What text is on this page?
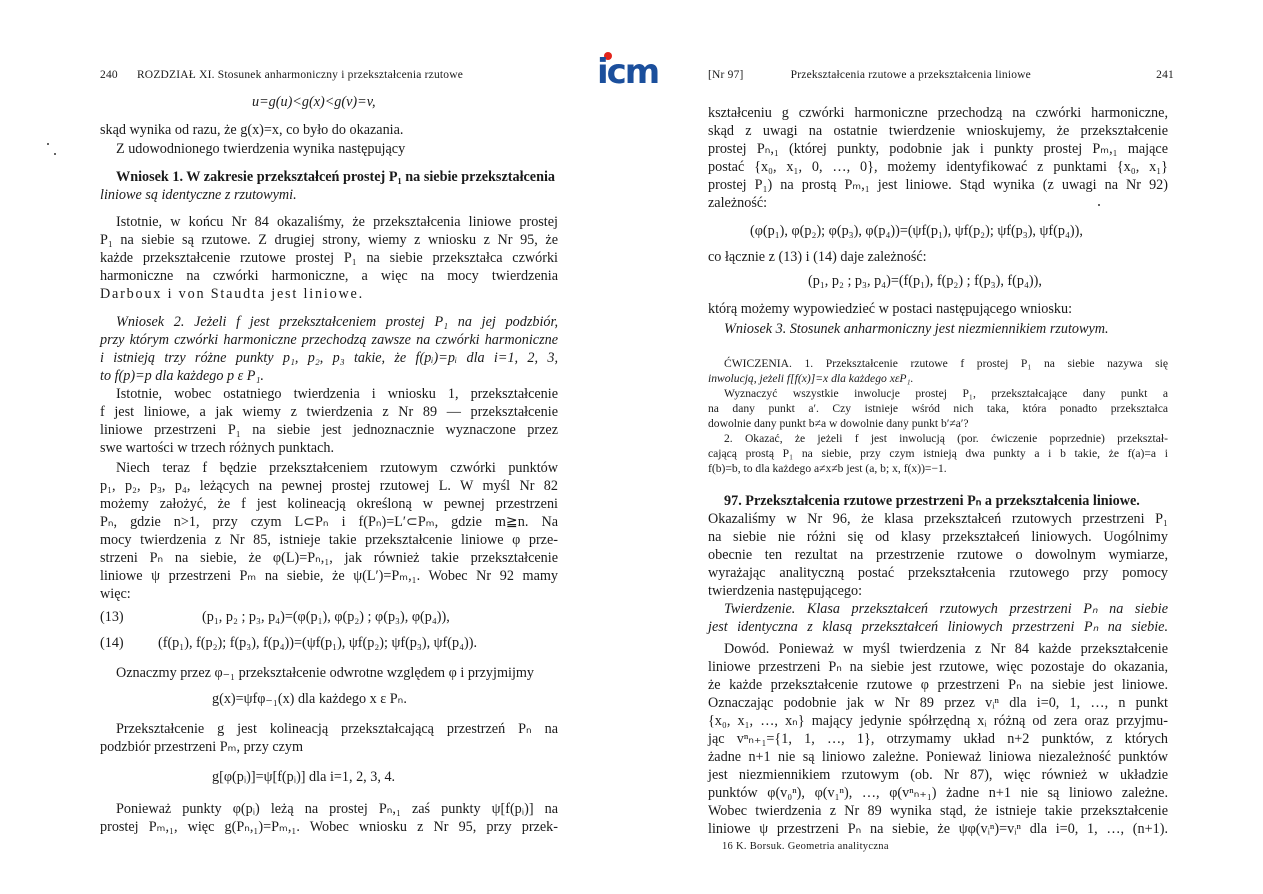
icm
240 ROZDZIAŁ XI. Stosunek anharmoniczny i przekształcenia rzutowe
u=g(u)<g(x)<g(v)=v,
skąd wynika od razu, że g(x)=x, co było do okazania.
Z udowodnionego twierdzenia wynika następujący
Wniosek 1. W zakresie przekształceń prostej P₁ na siebie przekształcenia
liniowe są identyczne z rzutowymi.
Istotnie, w końcu Nr 84 okazaliśmy, że przekształcenia liniowe prostej
P₁ na siebie są rzutowe. Z drugiej strony, wiemy z wniosku z Nr 95, że
każde przekształcenie rzutowe prostej P₁ na siebie przekształca czwórki
harmoniczne na czwórki harmoniczne, a więc na mocy twierdzenia
Darboux i von Staudta jest liniowe.
Wniosek 2. Jeżeli f jest przekształceniem prostej P₁ na jej podzbiór,
przy którym czwórki harmoniczne przechodzą zawsze na czwórki harmoniczne
i istnieją trzy różne punkty p₁, p₂, p₃ takie, że f(pᵢ)=pᵢ dla i=1, 2, 3,
to f(p)=p dla każdego p ε P₁.
Istotnie, wobec ostatniego twierdzenia i wniosku 1, przekształcenie
f jest liniowe, a jak wiemy z twierdzenia z Nr 89 — przekształcenie
liniowe przestrzeni P₁ na siebie jest jednoznacznie wyznaczone przez
swe wartości w trzech różnych punktach.
Niech teraz f będzie przekształceniem rzutowym czwórki punktów
p₁, p₂, p₃, p₄, leżących na pewnej prostej rzutowej L. W myśl Nr 82
możemy założyć, że f jest kolineacją określoną w pewnej przestrzeni
Pₙ, gdzie n>1, przy czym L⊂Pₙ i f(Pₙ)=L′⊂Pₘ, gdzie m≧n. Na
mocy twierdzenia z Nr 85, istnieje takie przekształcenie liniowe φ prze-
strzeni Pₙ na siebie, że φ(L)=Pₙ,₁, jak również takie przekształcenie
liniowe ψ przestrzeni Pₘ na siebie, że ψ(L′)=Pₘ,₁. Wobec Nr 92 mamy
więc:
(13)	(p₁, p₂ ; p₃, p₄)=(φ(p₁), φ(p₂) ; φ(p₃), φ(p₄)),
(14) (f(p₁), f(p₂); f(p₃), f(p₄))=(ψf(p₁), ψf(p₂); ψf(p₃), ψf(p₄)).
Oznaczmy przez φ₋₁ przekształcenie odwrotne względem φ i przyjmijmy
g(x)=ψfφ₋₁(x) dla każdego x ε Pₙ.
Przekształcenie g jest kolineacją przekształcającą przestrzeń Pₙ na
podzbiór przestrzeni Pₘ, przy czym
g[φ(pᵢ)]=ψ[f(pᵢ)] dla i=1, 2, 3, 4.
Ponieważ punkty φ(pᵢ) leżą na prostej Pₙ,₁ zaś punkty ψ[f(pᵢ)] na
prostej Pₘ,₁, więc g(Pₙ,₁)=Pₘ,₁. Wobec wniosku z Nr 95, przy przek-
[Nr 97]	Przekształcenia rzutowe a przekształcenia liniowe	241
kształceniu g czwórki harmoniczne przechodzą na czwórki harmoniczne,
skąd z uwagi na ostatnie twierdzenie wnioskujemy, że przekształcenie
prostej Pₙ,₁ (której punkty, podobnie jak i punkty prostej Pₘ,₁ mające
postać {x₀, x₁, 0, …, 0}, możemy identyfikować z punktami {x₀, x₁}
prostej P₁) na prostą Pₘ,₁ jest liniowe. Stąd wynika (z uwagi na Nr 92)
zależność:
(φ(p₁), φ(p₂); φ(p₃), φ(p₄))=(ψf(p₁), ψf(p₂); ψf(p₃), ψf(p₄)),
co łącznie z (13) i (14) daje zależność:
(p₁, p₂ ; p₃, p₄)=(f(p₁), f(p₂) ; f(p₃), f(p₄)),
którą możemy wypowiedzieć w postaci następującego wniosku:
Wniosek 3. Stosunek anharmoniczny jest niezmiennikiem rzutowym.
ĆWICZENIA. 1. Przekształcenie rzutowe f prostej P₁ na siebie nazywa się
inwolucją, jeżeli f[f(x)]=x dla każdego xεP₁.
Wyznaczyć wszystkie inwolucje prostej P₁, przekształcające dany punkt a
na dany punkt a′. Czy istnieje wśród nich taka, która ponadto przekształca
dowolnie dany punkt b≠a w dowolnie dany punkt b′≠a′?
2. Okazać, że jeżeli f jest inwolucją (por. ćwiczenie poprzednie) przekształ-
cającą prostą P₁ na siebie, przy czym istnieją dwa punkty a i b takie, że f(a)=a i
f(b)=b, to dla każdego a≠x≠b jest (a, b; x, f(x))=−1.
97. Przekształcenia rzutowe przestrzeni Pₙ a przekształcenia liniowe.
Okazaliśmy w Nr 96, że klasa przekształceń rzutowych przestrzeni P₁
na siebie nie różni się od klasy przekształceń liniowych. Uogólnimy
obecnie ten rezultat na przestrzenie rzutowe o dowolnym wymiarze,
wyrażając analityczną postać przekształcenia rzutowego przy pomocy
twierdzenia następującego:
Twierdzenie. Klasa przekształceń rzutowych przestrzeni Pₙ na siebie
jest identyczna z klasą przekształceń liniowych przestrzeni Pₙ na siebie.
Dowód. Ponieważ w myśl twierdzenia z Nr 84 każde przekształcenie
liniowe przestrzeni Pₙ na siebie jest rzutowe, więc pozostaje do okazania,
że każde przekształcenie rzutowe φ przestrzeni Pₙ na siebie jest liniowe.
Oznaczając podobnie jak w Nr 89 przez vᵢⁿ dla i=0, 1, …, n punkt
{x₀, x₁, …, xₙ} mający jedynie spółrzędną xᵢ różną od zera oraz przyjmu-
jąc vⁿₙ₊₁={1, 1, …, 1}, otrzymamy układ n+2 punktów, z których
żadne n+1 nie są liniowo zależne. Ponieważ liniowa niezależność punktów
jest niezmiennikiem rzutowym (ob. Nr 87), więc również w układzie
punktów φ(v₀ⁿ), φ(v₁ⁿ), …, φ(vⁿₙ₊₁) żadne n+1 nie są liniowo zależne.
Wobec twierdzenia z Nr 89 wynika stąd, że istnieje takie przekształcenie
liniowe ψ przestrzeni Pₙ na siebie, że ψφ(vᵢⁿ)=vᵢⁿ dla i=0, 1, …, (n+1).
16 K. Borsuk. Geometria analityczna
